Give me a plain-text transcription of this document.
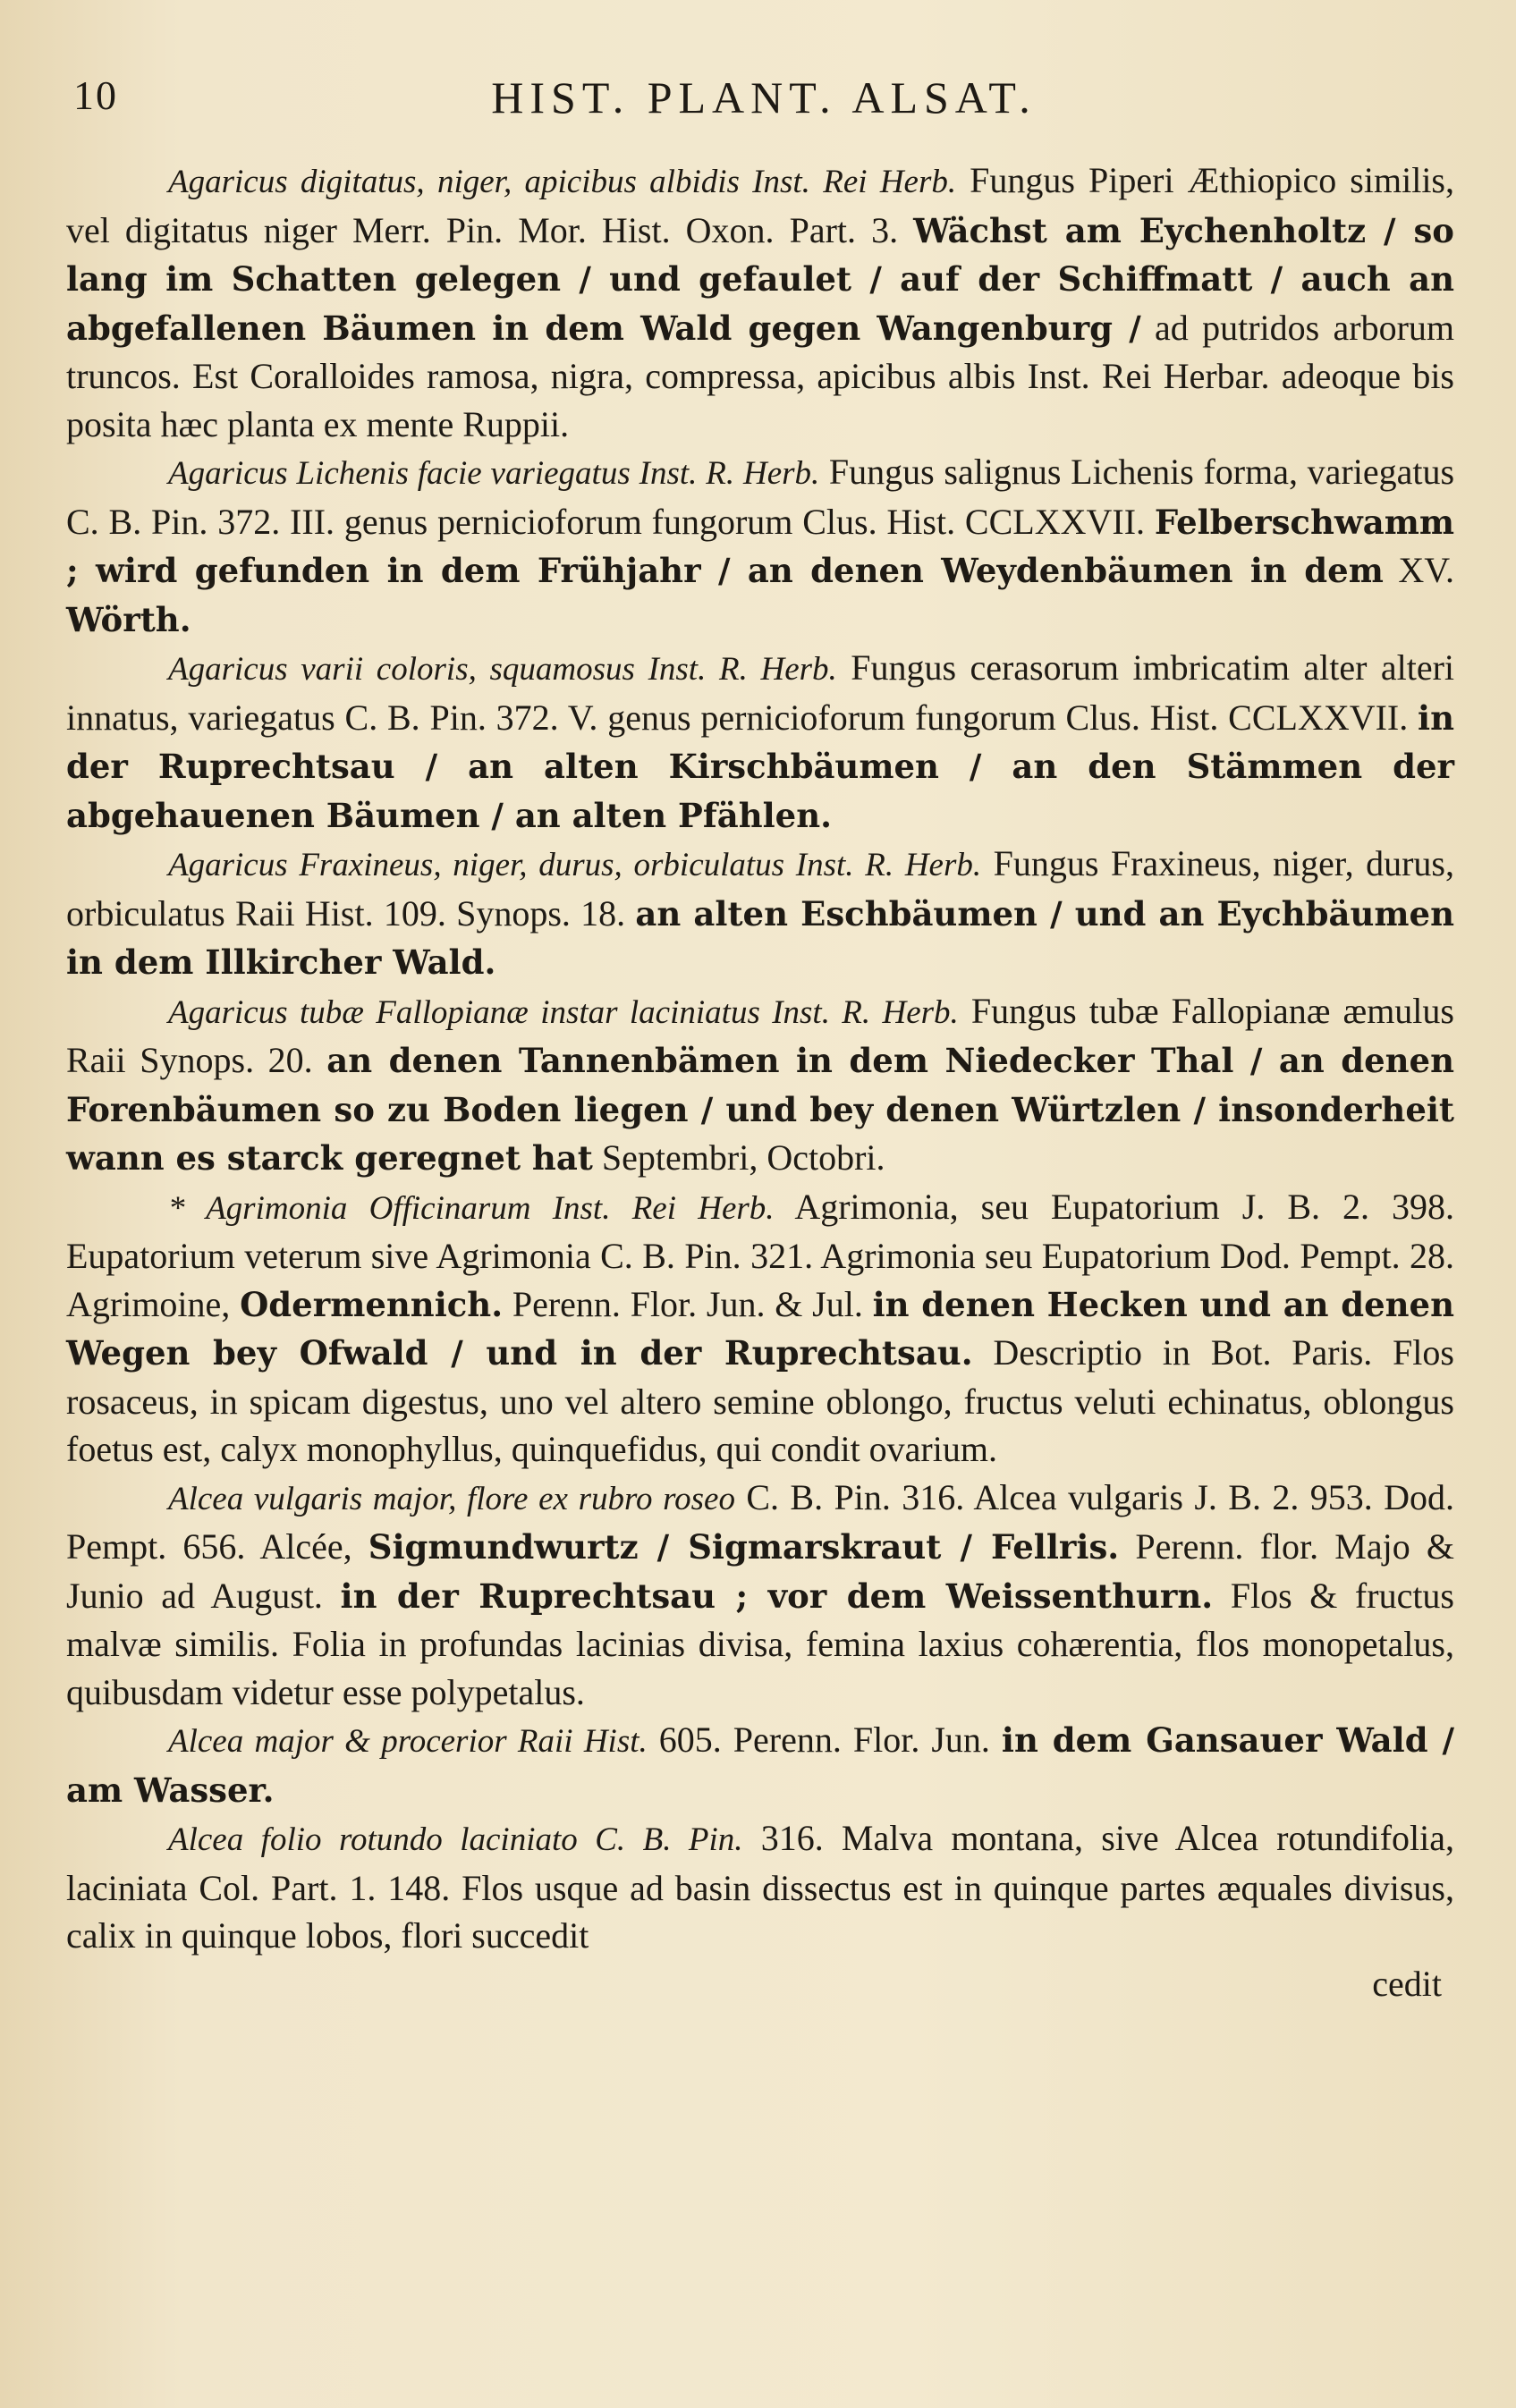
10	HIST. PLANT. ALSAT.

Agaricus digitatus, niger, apicibus albidis Inst. Rei Herb. Fungus Piperi Æthiopico similis, vel digitatus niger Merr. Pin. Mor. Hist. Oxon. Part. 3. Wächst am Eychenholtz / so lang im Schatten gelegen / und gefaulet / auf der Schiffmatt / auch an abgefallenen Bäumen in dem Wald gegen Wangenburg / ad putridos arborum truncos. Est Coralloides ramosa, nigra, compressa, apicibus albis Inst. Rei Herbar. adeoque bis posita hæc planta ex mente Ruppii.

Agaricus Lichenis facie variegatus Inst. R. Herb. Fungus salignus Lichenis forma, variegatus C. B. Pin. 372. III. genus pernicioforum fungorum Clus. Hist. CCLXXVII. Felberschwamm ; wird gefunden in dem Frühjahr / an denen Weydenbäumen in dem XV. Wörth.

Agaricus varii coloris, squamosus Inst. R. Herb. Fungus cerasorum imbricatim alter alteri innatus, variegatus C. B. Pin. 372. V. genus pernicioforum fungorum Clus. Hist. CCLXXVII. in der Ruprechtsau / an alten Kirschbäumen / an den Stämmen der abgehauenen Bäumen / an alten Pfählen.

Agaricus Fraxineus, niger, durus, orbiculatus Inst. R. Herb. Fungus Fraxineus, niger, durus, orbiculatus Raii Hist. 109. Synops. 18. an alten Eschbäumen / und an Eychbäumen in dem Illkircher Wald.

Agaricus tubæ Fallopianæ instar laciniatus Inst. R. Herb. Fungus tubæ Fallopianæ æmulus Raii Synops. 20. an denen Tannenbämen in dem Niedecker Thal / an denen Forenbäumen so zu Boden liegen / und bey denen Würtzlen / insonderheit wann es starck geregnet hat Septembri, Octobri.

* Agrimonia Officinarum Inst. Rei Herb. Agrimonia, seu Eupatorium J. B. 2. 398. Eupatorium veterum sive Agrimonia C. B. Pin. 321. Agrimonia seu Eupatorium Dod. Pempt. 28. Agrimoine, Odermennich. Perenn. Flor. Jun. & Jul. in denen Hecken und an denen Wegen bey Ofwald / und in der Ruprechtsau. Descriptio in Bot. Paris. Flos rosaceus, in spicam digestus, uno vel altero semine oblongo, fructus veluti echinatus, oblongus foetus est, calyx monophyllus, quinquefidus, qui condit ovarium.

Alcea vulgaris major, flore ex rubro roseo C. B. Pin. 316. Alcea vulgaris J. B. 2. 953. Dod. Pempt. 656. Alcée, Sigmundwurtz / Sigmarskraut / Fellris. Perenn. flor. Majo & Junio ad August. in der Ruprechtsau ; vor dem Weissenthurn. Flos & fructus malvæ similis. Folia in profundas lacinias divisa, femina laxius cohærentia, flos monopetalus, quibusdam videtur esse polypetalus.

Alcea major & procerior Raii Hist. 605. Perenn. Flor. Jun. in dem Gansauer Wald / am Wasser.

Alcea folio rotundo laciniato C. B. Pin. 316. Malva montana, sive Alcea rotundifolia, laciniata Col. Part. 1. 148. Flos usque ad basin dissectus est in quinque partes æquales divisus, calix in quinque lobos, flori succedit

cedit
